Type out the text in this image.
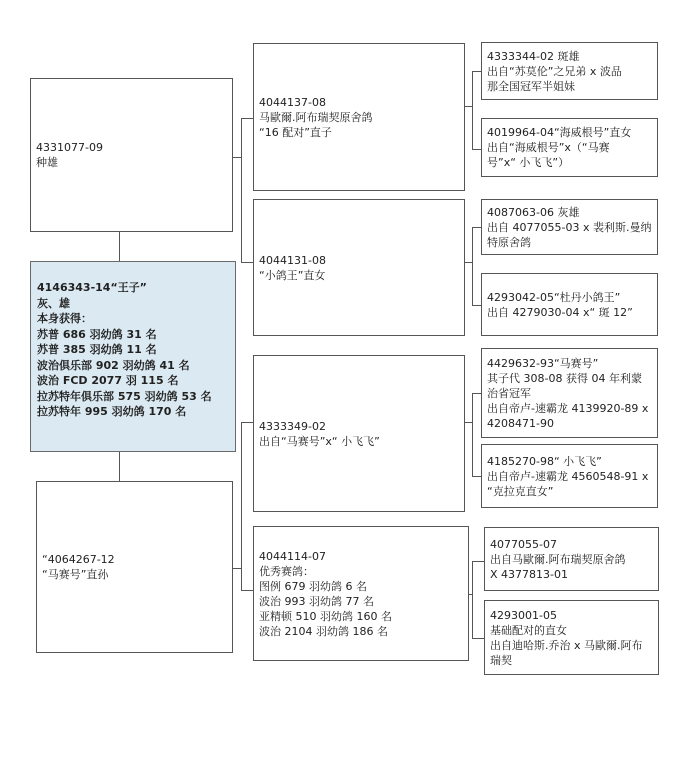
4146343-14“王子”
灰、雄
本身获得：
苏普 686 羽幼鸽 31 名
苏普 385 羽幼鸽 11 名
波治俱乐部 902 羽幼鸽 41 名
波治 FCD 2077 羽 115 名
拉苏特年俱乐部 575 羽幼鸽 53 名
拉苏特年 995 羽幼鸽 170 名
4331077-09
种雄
“4064267-12
“马赛号”直孙
4044137-08
马歐爾.阿布瑞契原舍鸽
“16 配对”直子
4044131-08
“小鸽王”直女
4333349-02
出自“马赛号”x“ 小飞飞”
4044114-07
优秀赛鸽：
图例 679 羽幼鸽 6 名
波治 993 羽幼鸽 77 名
亚精顿 510 羽幼鸽 160 名
波治 2104 羽幼鸽 186 名
4333344-02 斑雄
出自“苏莫伦”之兄弟 x 波品
那全国冠军半姐妹
4019964-04“海威根号”直女
出自“海威根号”x（“马赛
号”x“ 小飞飞”）
4087063-06 灰雄
出自 4077055-03 x 裴利斯.曼纳
特原舍鸽
4293042-05“杜丹小鸽王”
出自 4279030-04 x“ 斑 12”
4429632-93“马赛号”
其子代 308-08 获得 04 年利蒙
治省冠军
出自帝卢-速霸龙 4139920-89 x
4208471-90
4185270-98“ 小飞飞”
出自帝卢-速霸龙 4560548-91 x
“克拉克直女”
4077055-07
出自马歐爾.阿布瑞契原舍鸽
X 4377813-01
4293001-05
基础配对的直女
出自迪哈斯.乔治 x 马歐爾.阿布
瑞契
